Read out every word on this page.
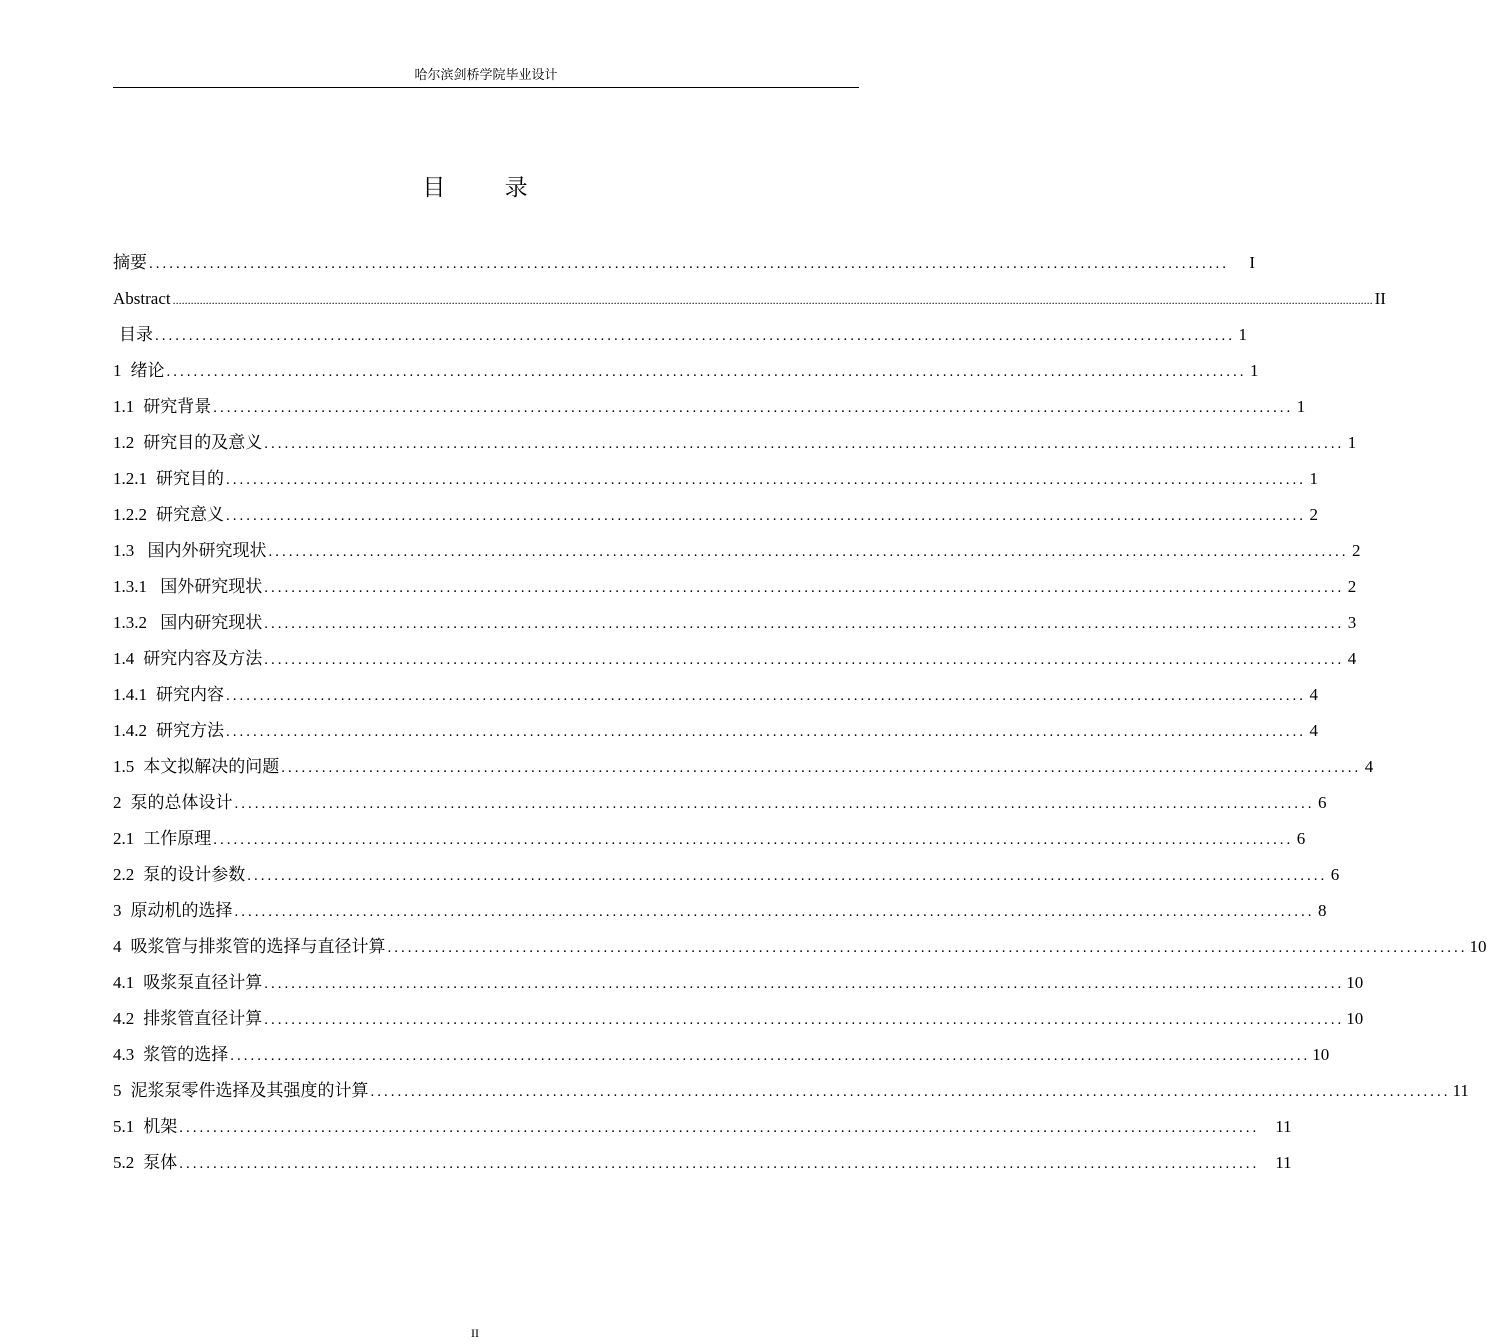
哈尔滨剑桥学院毕业设计
目 录
摘要 ................................................................................................................................................................ I
Abstract ................................................................................................................................................................................................................................................................................................................................................................................................................ II
目录 ................................................................................................................................................................ 1
1 绪论 ................................................................................................................................................................ 1
1.1 研究背景 ................................................................................................................................................................ 1
1.2 研究目的及意义 ................................................................................................................................................................ 1
1.2.1 研究目的 ................................................................................................................................................................ 1
1.2.2 研究意义 ................................................................................................................................................................ 2
1.3 国内外研究现状 ................................................................................................................................................................ 2
1.3.1 国外研究现状 ................................................................................................................................................................ 2
1.3.2 国内研究现状 ................................................................................................................................................................ 3
1.4 研究内容及方法 ................................................................................................................................................................ 4
1.4.1 研究内容 ................................................................................................................................................................ 4
1.4.2 研究方法 ................................................................................................................................................................ 4
1.5 本文拟解决的问题 ................................................................................................................................................................ 4
2 泵的总体设计 ................................................................................................................................................................ 6
2.1 工作原理 ................................................................................................................................................................ 6
2.2 泵的设计参数 ................................................................................................................................................................ 6
3 原动机的选择 ................................................................................................................................................................ 8
4 吸浆管与排浆管的选择与直径计算 ................................................................................................................................................................ 10
4.1 吸浆泵直径计算 ................................................................................................................................................................ 10
4.2 排浆管直径计算 ................................................................................................................................................................ 10
4.3 浆管的选择 ................................................................................................................................................................ 10
5 泥浆泵零件选择及其强度的计算 ................................................................................................................................................................ 11
5.1 机架 ................................................................................................................................................................ 11
5.2 泵体 ................................................................................................................................................................ 11
II
